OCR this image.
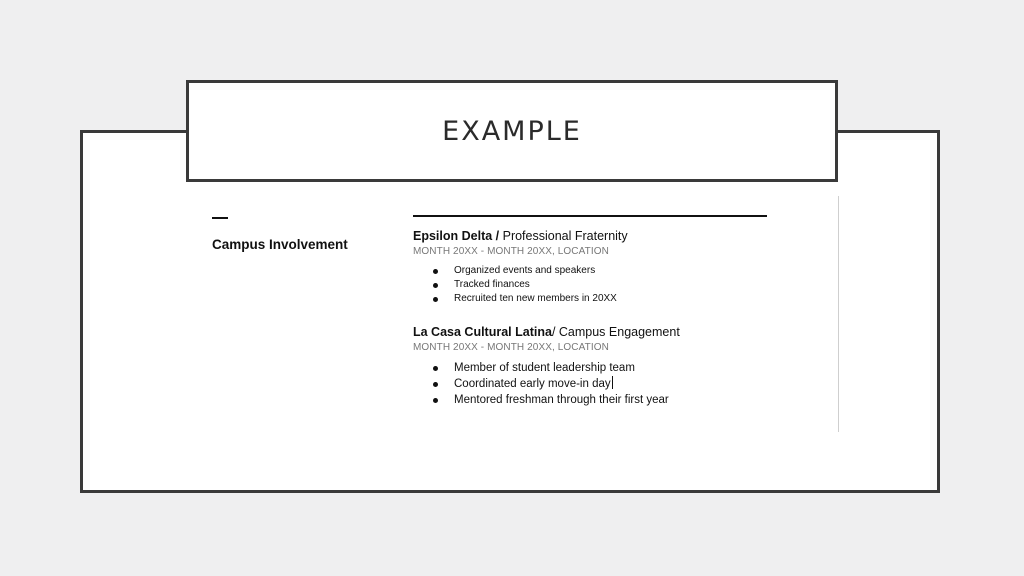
EXAMPLE
Campus Involvement
Epsilon Delta / Professional Fraternity
MONTH 20XX - MONTH 20XX, LOCATION
Organized events and speakers
Tracked finances
Recruited ten new members in 20XX
La Casa Cultural Latina/ Campus Engagement
MONTH 20XX - MONTH 20XX, LOCATION
Member of student leadership team
Coordinated early move-in day
Mentored freshman through their first year
